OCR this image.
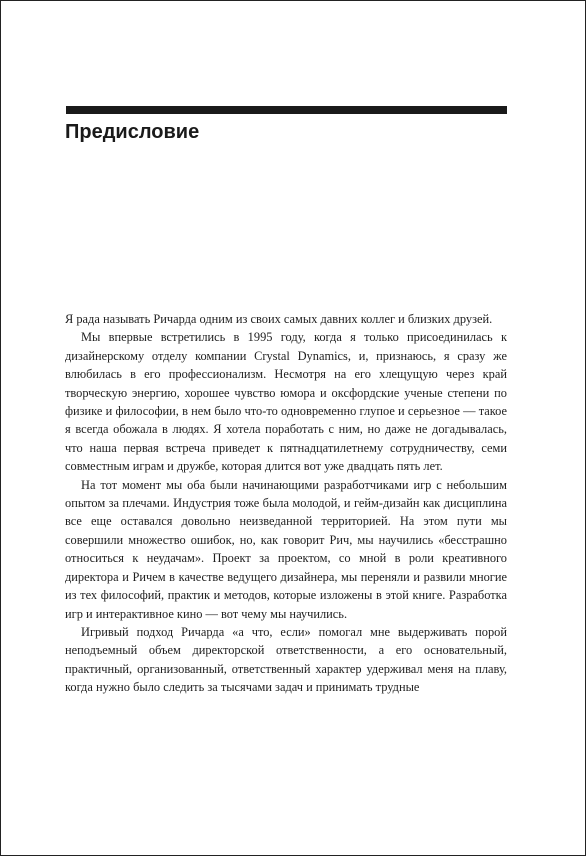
Предисловие

Я рада называть Ричарда одним из своих самых давних коллег и близких друзей.

Мы впервые встретились в 1995 году, когда я только присоединилась к дизайнерскому отделу компании Crystal Dynamics, и, признаюсь, я сразу же влюбилась в его профессионализм. Несмотря на его хлещущую через край творческую энергию, хорошее чувство юмора и оксфордские ученые степени по физике и философии, в нем было что-то одновременно глупое и серьезное — такое я всегда обожала в людях. Я хотела поработать с ним, но даже не догадывалась, что наша первая встреча приведет к пятнадцатилетнему сотрудничеству, семи совместным играм и дружбе, которая длится вот уже двадцать пять лет.

На тот момент мы оба были начинающими разработчиками игр с небольшим опытом за плечами. Индустрия тоже была молодой, и гейм-дизайн как дисциплина все еще оставался довольно неизведанной территорией. На этом пути мы совершили множество ошибок, но, как говорит Рич, мы научились «бесстрашно относиться к неудачам». Проект за проектом, со мной в роли креативного директора и Ричем в качестве ведущего дизайнера, мы переняли и развили многие из тех философий, практик и методов, которые изложены в этой книге. Разработка игр и интерактивное кино — вот чему мы научились.

Игривый подход Ричарда «а что, если» помогал мне выдерживать порой неподъемный объем директорской ответственности, а его основательный, практичный, организованный, ответственный характер удерживал меня на плаву, когда нужно было следить за тысячами задач и принимать трудные
